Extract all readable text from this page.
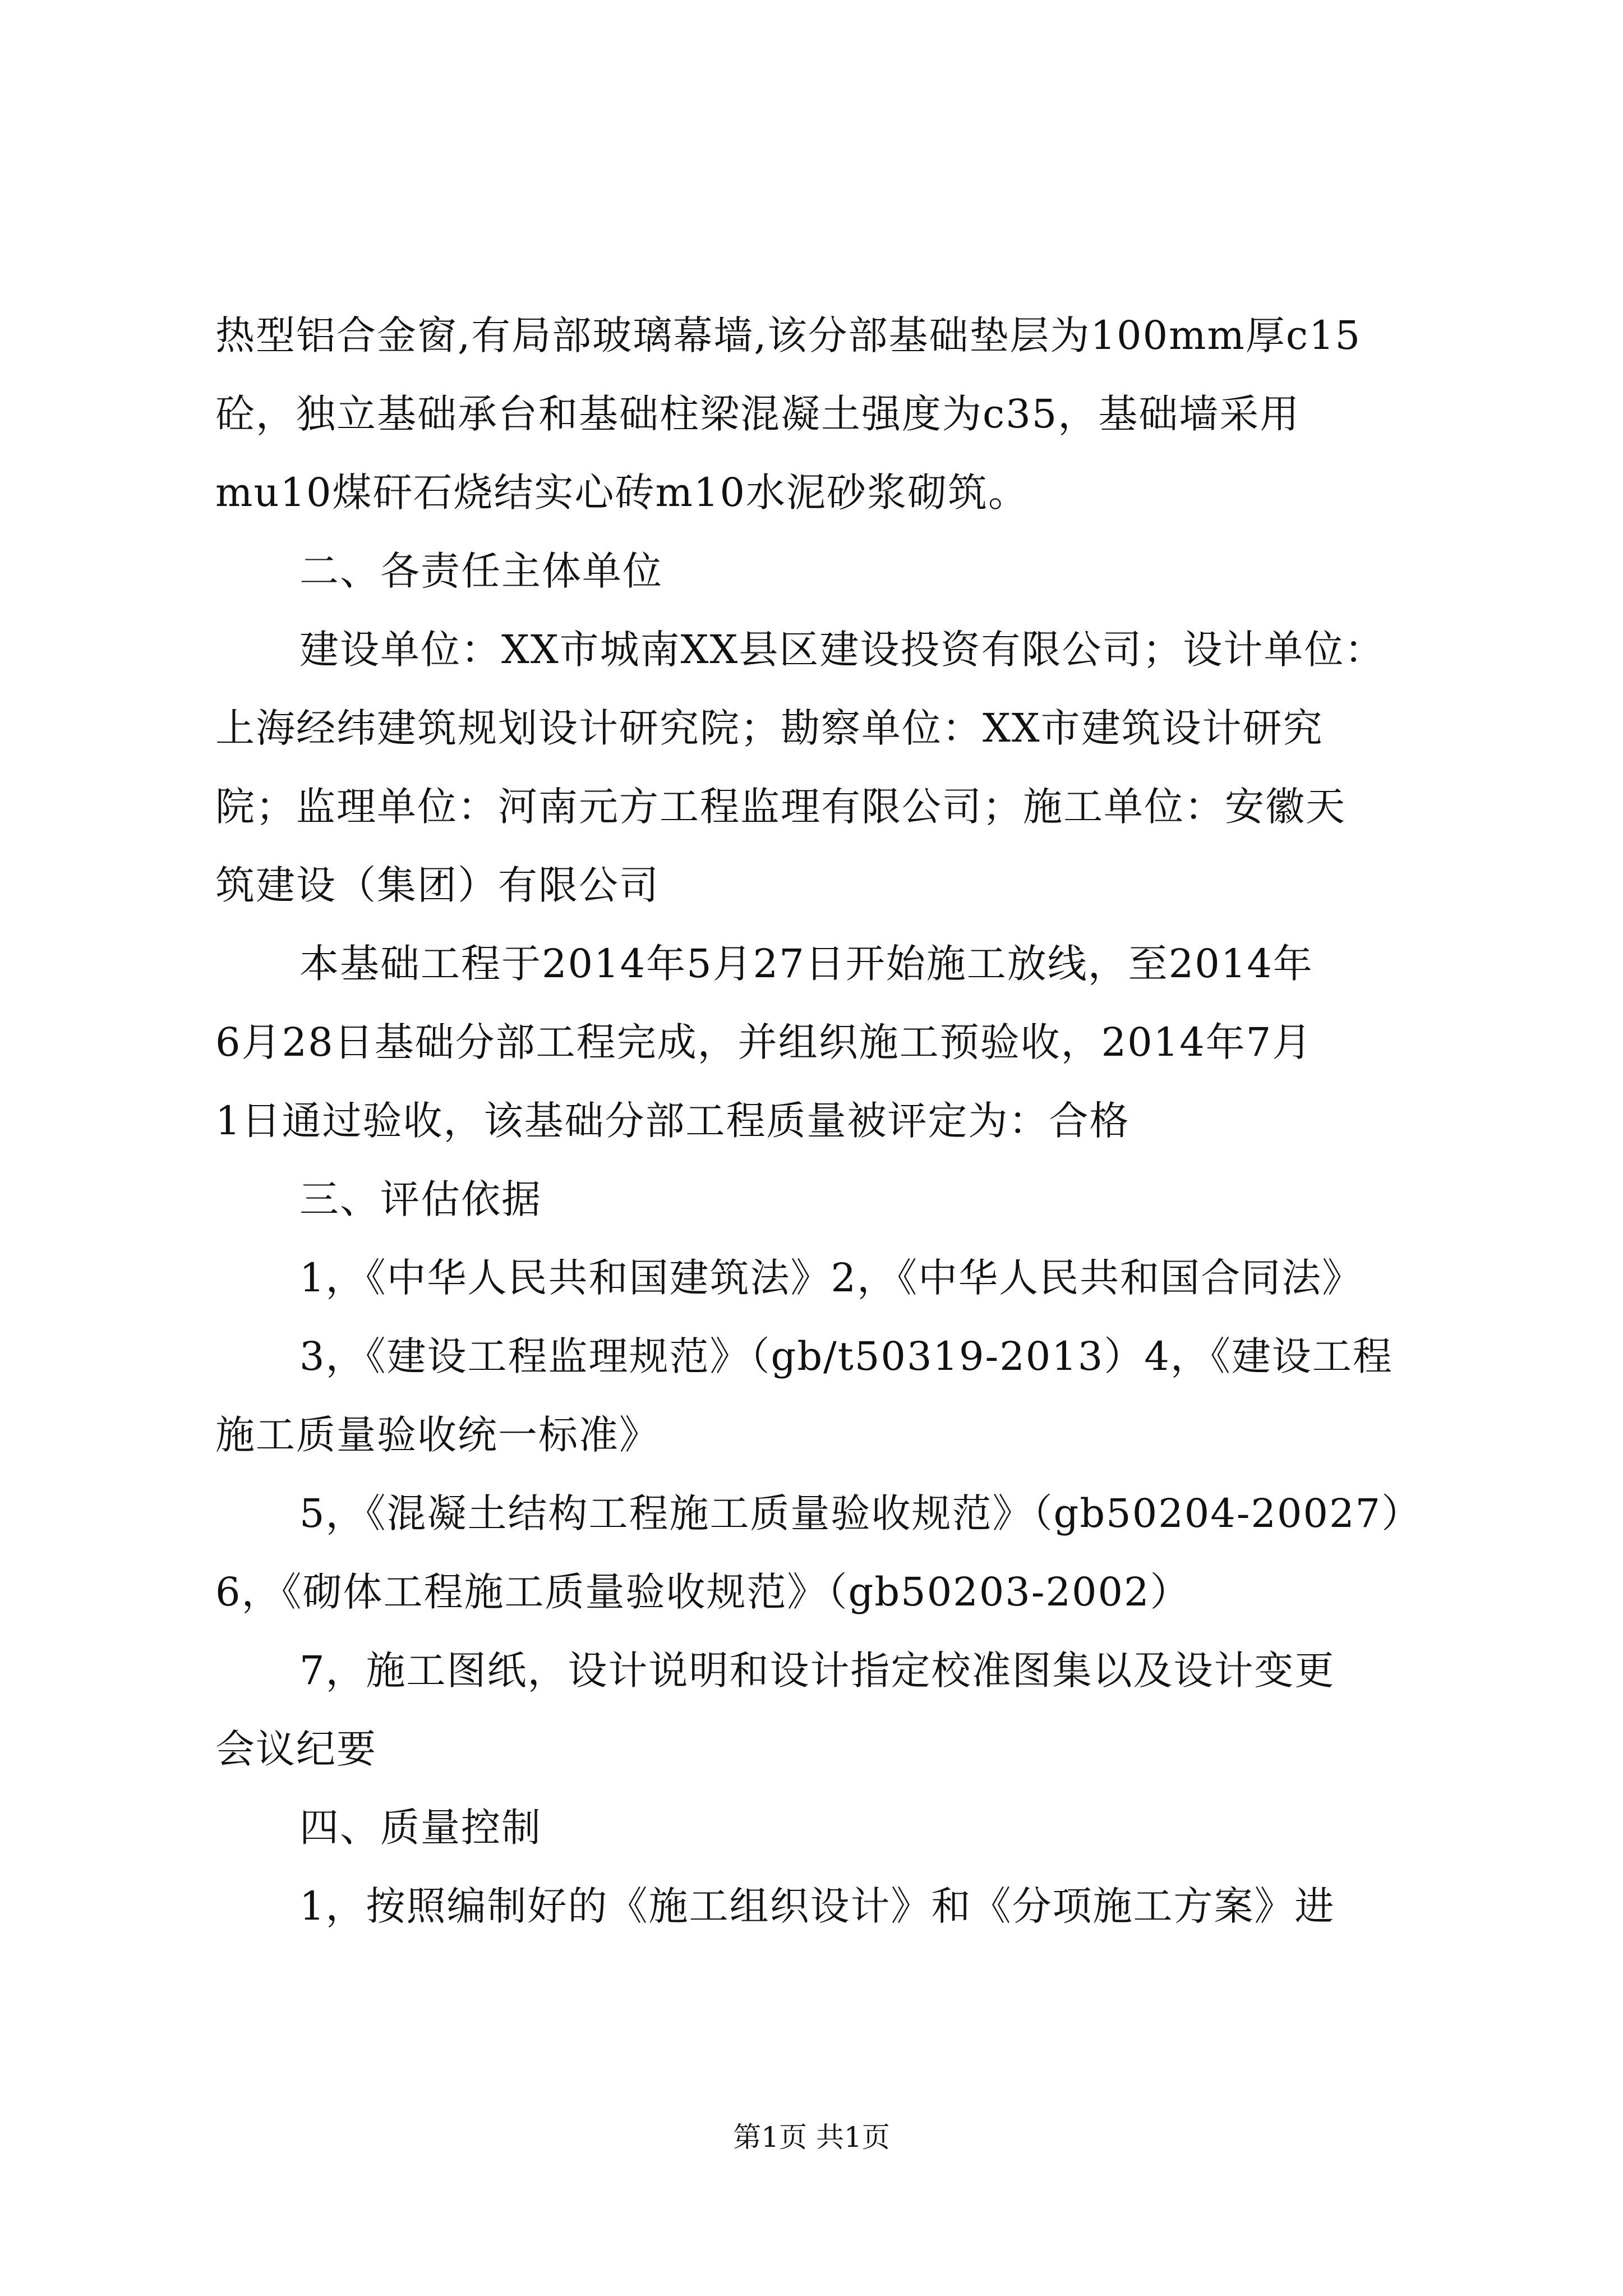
热型铝合金窗,有局部玻璃幕墙,该分部基础垫层为100mm厚c15
砼，独立基础承台和基础柱梁混凝土强度为c35，基础墙采用
mu10煤矸石烧结实心砖m10水泥砂浆砌筑。
二、各责任主体单位
建设单位：XX市城南XX县区建设投资有限公司；设计单位：
上海经纬建筑规划设计研究院；勘察单位：XX市建筑设计研究
院；监理单位：河南元方工程监理有限公司；施工单位：安徽天
筑建设（集团）有限公司
本基础工程于2014年5月27日开始施工放线，至2014年
6月28日基础分部工程完成，并组织施工预验收，2014年7月
1日通过验收，该基础分部工程质量被评定为：合格
三、评估依据
1，《中华人民共和国建筑法》2，《中华人民共和国合同法》
3，《建设工程监理规范》（gb/t50319-2013）4，《建设工程
施工质量验收统一标准》
5，《混凝土结构工程施工质量验收规范》（gb50204-20027）
6，《砌体工程施工质量验收规范》（gb50203-2002）
7，施工图纸，设计说明和设计指定校准图集以及设计变更
会议纪要
四、质量控制
1，按照编制好的《施工组织设计》和《分项施工方案》进
第1页 共1页
